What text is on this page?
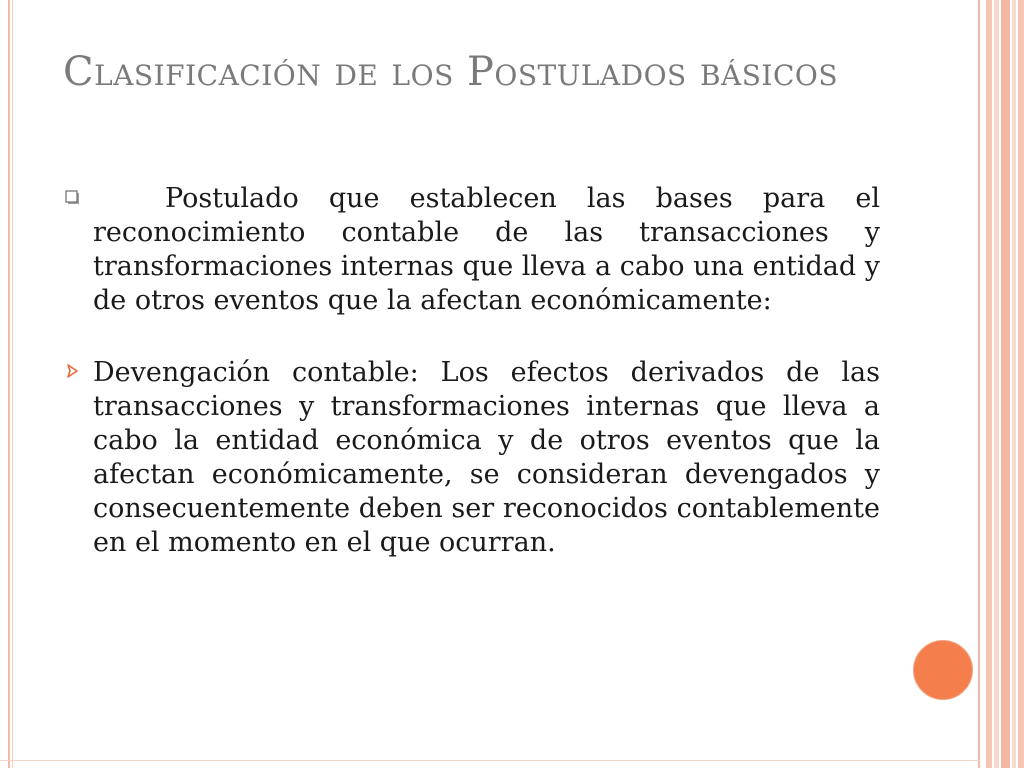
Clasificación de los Postulados básicos

Postulado que establecen las bases para el reconocimiento contable de las transacciones y transformaciones internas que lleva a cabo una entidad y de otros eventos que la afectan económicamente:

Devengación contable: Los efectos derivados de las transacciones y transformaciones internas que lleva a cabo la entidad económica y de otros eventos que la afectan económicamente, se consideran devengados y consecuentemente deben ser reconocidos contablemente en el momento en el que ocurran.
